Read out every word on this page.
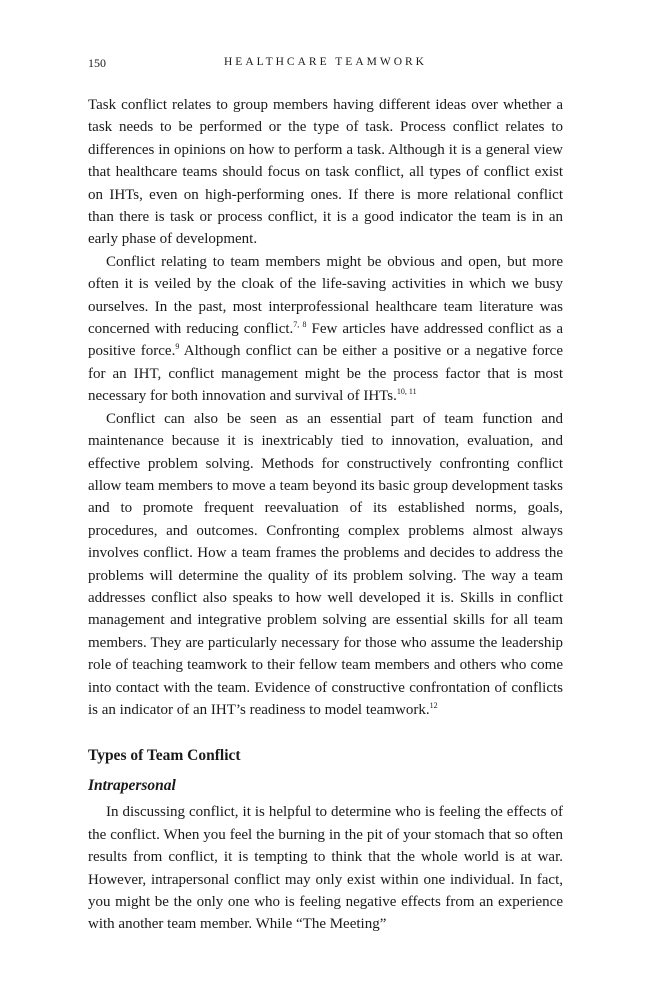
150	HEALTHCARE TEAMWORK

Task conflict relates to group members having different ideas over whether a task needs to be performed or the type of task. Process conflict relates to differences in opinions on how to perform a task. Although it is a general view that healthcare teams should focus on task conflict, all types of conflict exist on IHTs, even on high-performing ones. If there is more relational conflict than there is task or process conflict, it is a good indicator the team is in an early phase of development.

Conflict relating to team members might be obvious and open, but more often it is veiled by the cloak of the life-saving activities in which we busy ourselves. In the past, most interprofessional healthcare team literature was concerned with reducing conflict.$^{7, 8}$ Few articles have addressed conflict as a positive force.$^9$ Although conflict can be either a positive or a negative force for an IHT, conflict management might be the process factor that is most necessary for both innovation and survival of IHTs.$^{10, 11}$

Conflict can also be seen as an essential part of team function and maintenance because it is inextricably tied to innovation, evaluation, and effective problem solving. Methods for constructively confronting conflict allow team members to move a team beyond its basic group development tasks and to promote frequent reevaluation of its established norms, goals, procedures, and outcomes. Confronting complex problems almost always involves conflict. How a team frames the problems and decides to address the problems will determine the quality of its problem solving. The way a team addresses conflict also speaks to how well developed it is. Skills in conflict management and integrative problem solving are essential skills for all team members. They are particularly necessary for those who assume the leadership role of teaching teamwork to their fellow team members and others who come into contact with the team. Evidence of constructive confrontation of conflicts is an indicator of an IHT’s readiness to model teamwork.$^{12}$

Types of Team Conflict
Intrapersonal

In discussing conflict, it is helpful to determine who is feeling the effects of the conflict. When you feel the burning in the pit of your stomach that so often results from conflict, it is tempting to think that the whole world is at war. However, intrapersonal conflict may only exist within one individual. In fact, you might be the only one who is feeling negative effects from an experience with another team member. While “The Meeting”
